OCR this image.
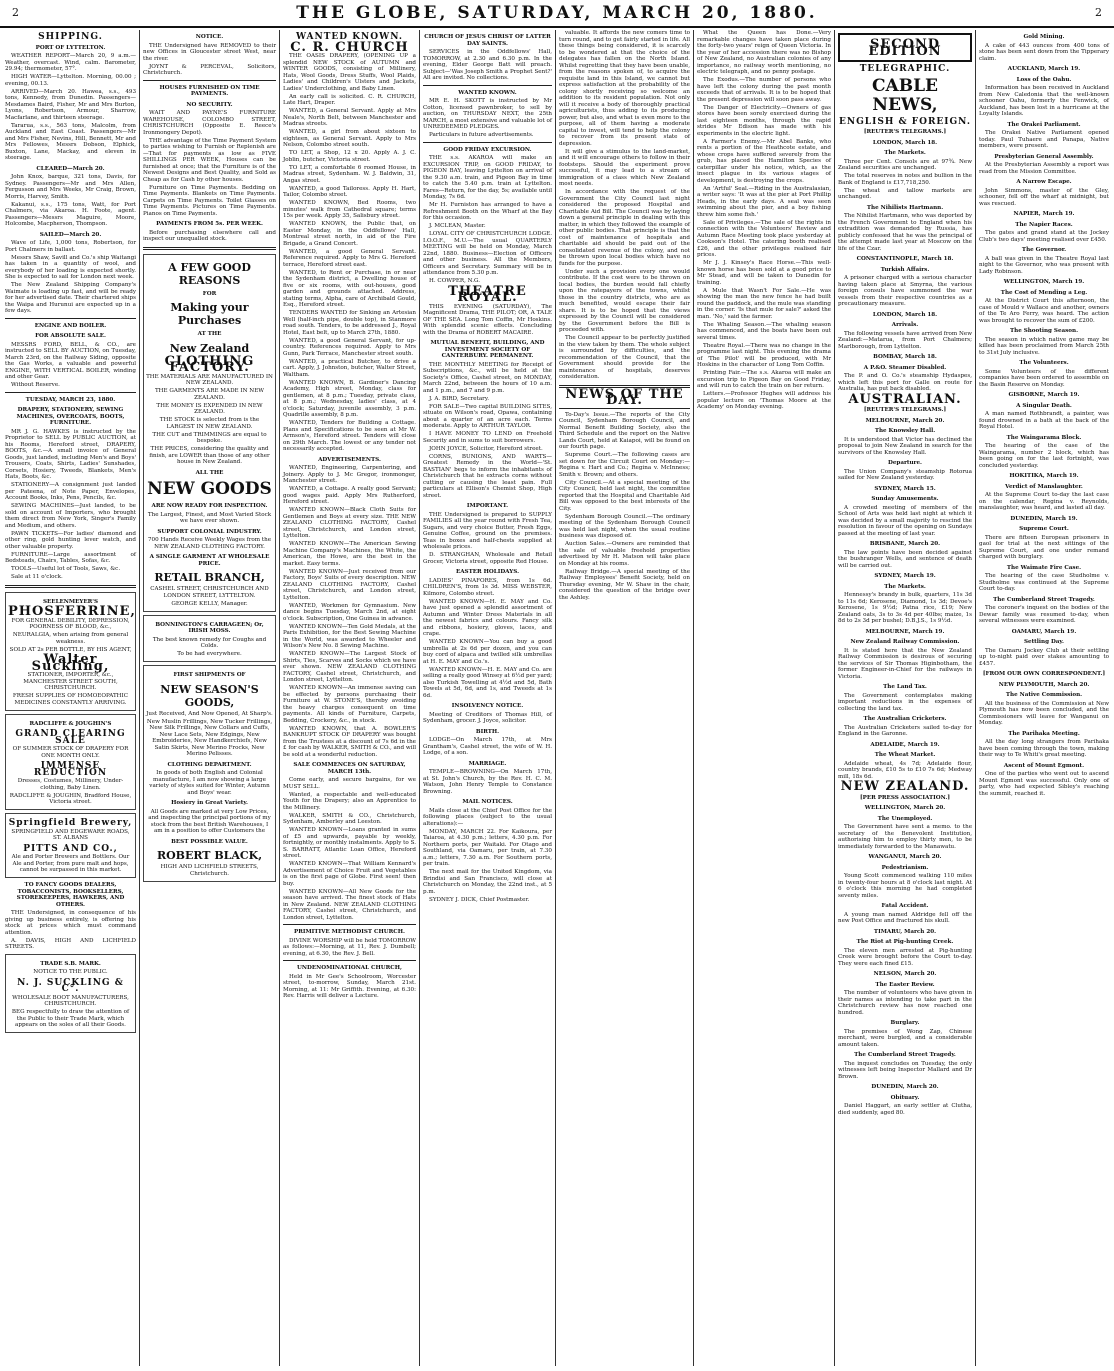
2	THE GLOBE, SATURDAY, MARCH 20, 1880.	2
SHIPPING.
PORT OF LYTTELTON.

WEATHER REPORT—March 20, 9 a.m.—Weather, overcast. Wind, calm. Barometer, 29.94; thermometer, 57°.

HIGH WATER—Lyttelton. Morning, 00.00 ; evening, 00.13.

ARRIVED—March 20. Hawea, s.s., 493 tons, Kennedy, from Dunedin. Passengers—Mesdames Baird, Fisher, Mr and Mrs Burton, Lyons, Robertson, Armour, Sharrow, Macfarlane, and thirteen steerage.

Tararua, s.s., 563 tons, Malcolm, from Auckland and East Coast. Passengers—Mr and Mrs Fisher, Nevins, Hill, Bennett, Mr and Mrs Fellowes, Messrs Dobson, Elphick, Buxton, Lane, Mackay, and eleven in steerage.

CLEARED—March 20.

John Knox, barque, 321 tons, Davis, for Sydney. Passengers—Mr and Mrs Allen, Fergusson and Mrs Weeks, Mr Craig, Brown, Morris, Harvey, Smith.

Kakanui, s.s., 175 tons, Watt, for Port Chalmers, via Akaroa. H. Foote, agent. Passengers—Messrs Maguire, Moore, Holcombe, Macpherson, Thompson.

SAILED—March 20.

Wave of Life, 1,000 tons, Robertson, for Port Chalmers in ballast.

Messrs Shaw, Savill and Co.'s ship Waitangi has taken in a quantity of wool, and everybody of her loading is expected shortly. She is expected to sail for London next week.

The New Zealand Shipping Company's Waimate is loading up fast, and will be ready for her advertised date. Their chartered ships the Waipa and Hurunui are expected up in a few days.

ENGINE AND BOILER.
FOR ABSOLUTE SALE.

MESSRS FORD, BELL, & CO., are instructed to SELL BY AUCTION, on Tuesday, March 23rd, on the Railway Siding, opposite the Gas Works, a valuable and powerful ENGINE, WITH VERTICAL BOILER, winding and other Gear.

Without Reserve.

TUESDAY, MARCH 23, 1880.
DRAPERY, STATIONERY, SEWING MACHINES, OVERCOATS, BOOTS, FURNITURE.

MR J. G. HAWKES is instructed by the Proprietor to SELL by PUBLIC AUCTION, at his Rooms, Hereford street, DRAPERY, BOOTS, &c.—A small invoice of General Goods, just landed, including Men's and Boys' Trousers, Coats, Shirts, Ladies' Sunshades, Corsets, Hosiery, Tweeds, Blankets, Men's Hats, Boots, &c.

STATIONERY—A consignment just landed per Pateena, of Note Paper, Envelopes, Account Books, Inks, Pens, Pencils, &c.

SEWING MACHINES—Just landed, to be sold on account of Importers, who brought them direct from New York, Singer's Family and Medium, and others.

PAWN TICKETS—For ladies' diamond and other ring, gold hunting lever watch, and other valuable property.

FURNITURE—Large assortment of Bedsteads, Chairs, Tables, Sofas, &c.

TOOLS—Useful lot of Tools, Saws, &c.

Sale at 11 o'clock.

SEELENMEYER'S
PHOSFERRINE,

FOR GENERAL DEBILITY, DEPRESSION, POORNESS OF BLOOD, &c.,

NEURALGIA, when arising from general weakness.

SOLD AT 2s PER BOTTLE, BY HIS AGENT,

Walter Suckling,

STATIONER, IMPORTER, &c., MANCHESTER STREET SOUTH, CHRISTCHURCH.

FRESH SUPPLIES OF HOMOEOPATHIC MEDICINES CONSTANTLY ARRIVING.

RADCLIFFE & JOUGHIN'S
GRAND CLEARING SALE

OF SUMMER STOCK OF DRAPERY FOR ONE MONTH ONLY.

IMMENSE REDUCTION

Dresses, Costumes, Millinery, Under-clothing, Baby Linen.

RADCLIFFE & JOUGHIN, Bradford House, Victoria street.

Springfield Brewery,

SPRINGFIELD AND EDGEWARE ROADS, ST. ALBANS

PITTS AND CO.,

Ale and Porter Brewers and Bottlers. Our Ale and Porter, from pure malt and hops, cannot be surpassed in this market.

TO FANCY GOODS DEALERS, TOBACCONISTS, BOOKSELLERS, STOREKEEPERS, HAWKERS, AND OTHERS.

THE Undersigned, in consequence of his giving up business entirely, is offering his stock at prices which must command attention.

A. DAVIS, HIGH AND LICHFIELD STREETS.

TRADE S.B. MARK.

NOTICE TO THE PUBLIC.

N. J. SUCKLING & C°.

WHOLESALE BOOT MANUFACTURERS, CHRISTCHURCH.

BEG respectfully to draw the attention of the Public to their Trade Mark, which appears on the soles of all their Goods.

NOTICE.

THE Undersigned have REMOVED to their new Offices in Gloucester street West, near the river.

JOYNT & PERCEVAL, Solicitors, Christchurch.

HOUSES FURNISHED ON TIME PAYMENTS.
NO SECURITY.

WAIT AND PAYNE'S FURNITURE WAREHOUSE, COLOMBO STREET, CHRISTCHURCH (Opposite E. Reece's Ironmongery Depot).

THE advantage of the Time Payment System to parties wishing to Furnish or Replenish are—That for payments as low as FIVE SHILLINGS PER WEEK, Houses can be furnished at once; that the Furniture is of the Newest Designs and Best Quality, and Sold as Cheap as for Cash by other houses.

Furniture on Time Payments. Bedding on Time Payments. Blankets on Time Payments. Carpets on Time Payments. Toilet Glasses on Time Payments. Pictures on Time Payments. Pianos on Time Payments.

PAYMENTS FROM 5s. PER WEEK.

Before purchasing elsewhere call and inspect our unequalled stock.

A FEW GOOD REASONS
FOR
Making your Purchases
AT THE
New Zealand
CLOTHING FACTORY.

THE MATERIALS ARE MANUFACTURED IN NEW ZEALAND.

THE GARMENTS ARE MADE IN NEW ZEALAND.

THE MONEY IS EXPENDED IN NEW ZEALAND.

THE STOCK is selected from is the LARGEST IN NEW ZEALAND.

THE CUT and TRIMMINGS are equal to bespoke.

THE PRICES, considering the quality and finish, are LOWER than those of any other house in New Zealand.

ALL THE
NEW GOODS
ARE NOW READY FOR INSPECTION.

The Largest, Finest, and Most Varied Stock we have ever shown.

SUPPORT COLONIAL INDUSTRY.

700 Hands Receive Weekly Wages from the NEW ZEALAND CLOTHING FACTORY.

A SINGLE GARMENT AT WHOLESALE PRICE.
RETAIL BRANCH,

CASHEL STREET, CHRISTCHURCH AND LONDON STREET, LYTTELTON.

GEORGE KELLY, Manager.

BONNINGTON'S CARRAGEEN; Or, IRISH MOSS.

The best known remedy for Coughs and Colds.

To be had everywhere.

FIRST SHIPMENTS OF
NEW SEASON'S GOODS,

Just Received, And Now Opened, At Sharp's.

New Muslin Frillings, New Tucker Frillings, New Silk Frillings, New Collars and Cuffs, New Lace Sets, New Edgings, New Embroideries, New Handkerchiefs, New Satin Skirts, New Merino Frocks, New Merino Pelisses.

CLOTHING DEPARTMENT.

In goods of both English and Colonial manufacture, I am now showing a large variety of styles suited for Winter, Autumn and Boys' wear.

Hosiery in Great Variety.

All Goods are marked at very Low Prices, and inspecting the principal portions of my stock from the best British Warehouses, I am in a position to offer Customers the

BEST POSSIBLE VALUE.
ROBERT BLACK,

HIGH AND LICHFIELD STREETS, Christchurch.

WANTED KNOWN.
C. R. CHURCH

THE OASIS DRAPERY, (OPENING UP a splendid NEW STOCK of AUTUMN and WINTER GOODS, consisting of Millinery, Hats, Wool Goods, Dress Stuffs, Wool Plaids, Ladies' and Children's Ulsters and Jackets, Ladies' Underclothing, and Baby Linen.

An early call is solicited. C. R. CHURCH, Late Hart, Draper.

WANTED, a General Servant. Apply at Mrs Neale's, North Belt, between Manchester and Madras streets.

WANTED, a girl from about sixteen to eighteen, as General Servant. Apply to Mrs Nelson, Colombo street south.

TO LET, a Shop, 12 x 20. Apply A. J. C. Joblin, butcher, Victoria street.

TO LET, a comfortable 6 roomed House, in Madras street, Sydenham. W. J. Baldwin, 31, Angas street.

WANTED, a good Tailoress. Apply H. Hart, Tailor, Colombo street.

WANTED KNOWN, Bed Rooms, two minutes' walk from Cathedral square; terms 15s per week. Apply 35, Salisbury street.

WANTED KNOWN, the Public that, on Easter Monday, in the Oddfellows' Hall, Montreal street north, in aid of the Fire Brigade, a Grand Concert.

WANTED, a good General Servant. Reference required. Apply to Mrs G. Hereford terrace, Hereford street east.

WANTED, to Rent or Purchase, in or near the Sydenham district, a Dwelling house of five or six rooms, with out-houses, good garden and grounds attached. Address, stating terms, Alpha, care of Archibald Gould, Esq., Hereford street.

TENDERS WANTED for Sinking an Artesian Well (half-inch pipe, double top), in Stanmore road south. Tenders, to be addressed J., Royal Hotel, East belt, up to March 27th, 1880.

WANTED, a good General Servant, for up-country. References required. Apply to Mrs Gunn, Park Terrace, Manchester street south.

WANTED, a practical Butcher, to drive a cart. Apply, J. Johnston, butcher, Walter Street, Waltham.

WANTED KNOWN, B. Gardiner's Dancing Academy, High street, Monday, class for gentlemen, at 8 p.m.; Tuesday, private class, at 8 p.m.; Wednesday, ladies' class, at 4 o'clock; Saturday, juvenile assembly, 3 p.m. Quadrille assembly, 8 p.m.

WANTED, Tenders for Building a Cottage. Plans and Specifications to be seen at Mr W. Armson's, Hereford street. Tenders will close on 29th March. The lowest or any tender not necessarily accepted.

ADVERTISEMENTS.

WANTED, Engineering, Carpentering, and Joinery. Apply to J. Mc Gregor, ironmonger, Manchester street.

WANTED, a Cottage. A really good Servant; good wages paid. Apply Mrs Rutherford, Hereford street.

WANTED KNOWN—Black Cloth Suits for Gentlemen and Boys at every size. THE NEW ZEALAND CLOTHING FACTORY, Cashel street, Christchurch, and London street, Lyttelton.

WANTED KNOWN—The American Sewing Machine Company's Machines, the White, the American, the Howe, are the best in the market. Easy terms.

WANTED KNOWN—Just received from our Factory, Boys' Suits of every description. NEW ZEALAND CLOTHING FACTORY, Cashel street, Christchurch, and London street, Lyttelton.

WANTED, Workmen for Gymnasium. New dance begins Tuesday, March 2nd, at eight o'clock. Subscription, One Guinea in advance.

WANTED KNOWN—Ten Gold Medals, at the Paris Exhibition, for the Best Sewing Machine in the World, was awarded to Wheeler and Wilson's New No. 8 Sewing Machine.

WANTED KNOWN—The Largest Stock of Shirts, Ties, Scarves and Socks which we have ever shown. NEW ZEALAND CLOTHING FACTORY, Cashel street, Christchurch, and London street, Lyttelton.

WANTED KNOWN—An immense saving can be effected by persons purchasing their Furniture at W. STONE'S, thereby avoiding the heavy charges consequent on time payments. All kinds of Furniture, Carpets, Bedding, Crockery, &c., in stock.

WANTED KNOWN, that A. BOWLER'S BANKRUPT STOCK OF DRAPERY was bought from the Trustees at a discount of 7s 6d in the £ for cash by WALKER, SMITH & CO., and will be sold at a wonderful reduction.

SALE COMMENCES ON SATURDAY, MARCH 13th.

Come early, and secure bargains, for we MUST SELL.

Wanted, a respectable and well-educated Youth for the Drapery; also an Apprentice to the Millinery.

WALKER, SMITH & CO., Christchurch, Sydenham, Amberley and Leeston.

WANTED KNOWN—Loans granted in sums of £5 and upwards, payable by weekly, fortnightly, or monthly instalments. Apply to S. S. BARRATT, Atlantic Loan Office, Hereford street.

WANTED KNOWN—That William Kennard's Advertisement of Choice Fruit and Vegetables is on the first page of Globe. First seen! then buy.

WANTED KNOWN—All New Goods for the season have arrived. The finest stock of Hats in New Zealand. NEW ZEALAND CLOTHING FACTORY, Cashel street, Christchurch, and London street, Lyttelton.

PRIMITIVE METHODIST CHURCH.

DIVINE WORSHIP will be held TOMORROW as follows:—Morning, at 11, Rev. J. Dumbell; evening, at 6.30, the Rev. J. Bell.

UNDENOMINATIONAL CHURCH,

Held in Mr Gee's Schoolroom, Worcester street, to-morrow, Sunday, March 21st. Morning, at 11: Mr Griffith. Evening, at 6.30: Rev. Harris will deliver a Lecture.

CHURCH OF JESUS CHRIST OF LATTER DAY SAINTS.

SERVICES in the Oddfellows' Hall, TOMORROW, at 2.30 and 6.30 p.m. In the evening, Elder George Batt will preach. Subject—'Was Joseph Smith a Prophet Sent?' All are invited. No collections.

WANTED KNOWN.

MR E. H. SKOTT is instructed by Mr Cotton, licensed pawnbroker, to sell by auction, on THURSDAY NEXT, the 25th MARCH, a most extensive and valuable lot of UNREDEEMED PLEDGES.

Particulars in future advertisements.

GOOD FRIDAY EXCURSION.

THE s.s. AKAROA will make an EXCURSION TRIP, on GOOD FRIDAY, to PIGEON BAY, leaving Lyttelton on arrival of the 9.30 a.m. train, and Pigeon Bay in time to catch the 5.40 p.m. train at Lyttelton. Fares—Return, for the day, 5s; available until Monday, 7s 6d.

Mr H. Furniston has arranged to have a Refreshment Booth on the Wharf at the Bay for this occasion.

J. MCLEAN, Master.

LOYAL CITY OF CHRISTCHURCH LODGE. I.O.O.F., M.U.—The usual QUARTERLY MEETING will be held on Monday, March 22nd, 1880. Business—Election of Officers and other business. All the Members, Officers and Secretary. Summary will be in attendance from 5.30 p.m.

H. COWPER, N.G.

THEATRE ROYAL.

THIS EVENING (SATURDAY), The Magnificent Drama, THE PILOT; OR, A TALE OF THE SEA. Long Tom Coffin, Mr Hoskins. With splendid scenic effects. Concluding with the Drama of ROBERT MACAIRE.

MUTUAL BENEFIT, BUILDING, AND INVESTMENT SOCIETY OF CANTERBURY. PERMANENT.

THE MONTHLY MEETING for Receipt of Subscriptions, &c., will be held at the Society's Office, Cashel street, on MONDAY, March 22nd, between the hours of 10 a.m. and 1 p.m., and 7 and 9 p.m.

J. A. BIRD, Secretary.

FOR SALE—Two capital BUILDING SITES, situate on Wilson's road, Opawa, containing about a quarter of an acre each. Terms moderate. Apply to ARTHUR TAYLOR.

I HAVE MONEY TO LEND on Freehold Security and in sums to suit borrowers.

JOHN JOYCE, Solicitor, Hereford street.

CORNS, BUNIONS, AND WARTS—Greatest Remedy in the World—'St. BASTIAN' begs to inform the inhabitants of Christchurch that he extracts corns without cutting or causing the least pain. Full particulars at Ellison's Chemist Shop, High street.

IMPORTANT.

THE Undersigned is prepared to SUPPLY FAMILIES all the year round with Fresh Tea, Sugars, and very choice Butter, Fresh Eggs, Genuine Coffee, ground on the premises. Teas in boxes and half-chests supplied at wholesale prices.

D. STRANGHAN, Wholesale and Retail Grocer, Victoria street, opposite Red House.

EASTER HOLIDAYS.

LADIES' PINAFORES, from 1s 6d. CHILDREN'S, from 1s 3d. MISS WEBSTER, Kilmore, Colombo street.

WANTED KNOWN—H. E. MAY and Co. have just opened a splendid assortment of Autumn and Winter Dress Materials in all the newest fabrics and colours. Fancy silk and ribbons, hosiery, gloves, laces, and crape.

WANTED KNOWN—You can buy a good umbrella at 2s 6d per dozen, and you can buy cord of alpaca and twilled silk umbrellas at H. E. MAY and Co.'s.

WANTED KNOWN—H. E. MAY and Co. are selling a really good Winsey at 6½d per yard; also Turkish Towelling at 4½d and 5d, Bath Towels at 5d, 6d, and 1s, and Tweeds at 1s 6d.

INSOLVENCY NOTICE.

Meeting of Creditors of Thomas Hill, of Sydenham, grocer. J. Joyce, solicitor.

BIRTH.

LODGE—On March 17th, at Mrs Grantham's, Cashel street, the wife of W. H. Lodge, of a son.

MARRIAGE.

TEMPLE—BROWNING—On March 17th, at St. John's Church, by the Rev. H. C. M. Watson, John Henry Temple to Constance Browning.

MAIL NOTICES.

Mails close at the Chief Post Office for the following places (subject to the usual alterations):—

MONDAY, MARCH 22. For Kaikoura, per Taiaroa, at 4.30 p.m.; letters, 4.30 p.m. For Northern ports, per Waitaki. For Otago and Southland, via Oamaru, per train, at 7.30 a.m.; letters, 7.30 a.m. For Southern ports, per train.

The next mail for the United Kingdom, via Brindisi and San Francisco, will close at Christchurch on Monday, the 22nd inst., at 5 p.m.

SYDNEY J. DICK, Chief Postmaster.

valuable. It affords the new comers time to turn round, and to get fairly started in life. All these things being considered, it is scarcely to be wondered at that the choice of the delegates has fallen on the North Island. Whilst regretting that they have been unable, from the reasons spoken of, to acquire the requisite land in this Island, we cannot but express satisfaction at the probability of the colony shortly receiving so welcome an addition to its resident population. Not only will it receive a body of thoroughly practical agriculturists, thus adding to its producing power, but also, and what is even more to the purpose, all of them having a moderate capital to invest, will tend to help the colony to recover from its present state of depression.

It will give a stimulus to the land-market, and it will encourage others to follow in their footsteps. Should the experiment prove successful, it may lead to a stream of immigration of a class which New Zealand most needs.

In accordance with the request of the Government the City Council last night considered the proposed Hospital and Charitable Aid Bill. The Council was by laying down a general principle in dealing with this matter, in which they followed the example of other public bodies. That principle is that the cost of maintenance of hospitals and charitable aid should be paid out of the consolidated revenue of the colony, and not be thrown upon local bodies which have no funds for the purpose.

Under such a provision every one would contribute. If the cost were to be thrown on local bodies, the burden would fall chiefly upon the ratepayers of the towns, whilst those in the country districts, who are as much benefited, would escape their fair share. It is to be hoped that the views expressed by the Council will be considered by the Government before the Bill is proceeded with.

The Council appear to be perfectly justified in the view taken by them. The whole subject is surrounded by difficulties, and the recommendation of the Council, that the Government should provide for the maintenance of hospitals, deserves consideration.

NEWS OF THE DAY.

To-Day's Issue.—The reports of the City Council, Sydenham Borough Council, and Normal Benefit Building Society, also the Third Schedule and the report on the Native Lands Court, held at Kaiapoi, will be found on our fourth page.

Supreme Court.—The following cases are set down for the Circuit Court on Monday:—Regina v. Hart and Co.; Regina v. McInness; Smith v. Brown; and others.

City Council.—At a special meeting of the City Council, held last night, the committee reported that the Hospital and Charitable Aid Bill was opposed to the best interests of the City.

Sydenham Borough Council.—The ordinary meeting of the Sydenham Borough Council was held last night, when the usual routine business was disposed of.

Auction Sales.—Owners are reminded that the sale of valuable freehold properties advertised by Mr H. Matson will take place on Monday at his rooms.

Railway Bridge.—A special meeting of the Railway Employees' Benefit Society, held on Thursday evening, Mr W. Shaw in the chair, considered the question of the bridge over the Ashley.

What the Queen has Done.—Very remarkable changes have taken place during the forty-two years' reign of Queen Victoria. In the year of her accession there was no Bishop of New Zealand, no Australian colonies of any importance, no railway worth mentioning, no electric telegraph, and no penny postage.

The Exodus.—The number of persons who have left the colony during the past month exceeds that of arrivals. It is to be hoped that the present depression will soon pass away.

The Danger of Electricity.—Owners of gas stores have been sorely exercised during the last eighteen months, through the rapid strides Mr Edison has made with his experiments in the electric light.

A Farmer's Enemy.—Mr Abel Banks, who rents a portion of the Heathcote estate, and whose crops have suffered severely from the grub, has placed the Hamilton Species of caterpillar under his notice, which, as the insect plague in its various stages of development, is destroying the crops.

An 'Artful' Seal.—Riding in the Australasian, a writer says: 'It was at the pier at Port Phillip Heads, in the early days. A seal was seen swimming about the pier, and a boy fishing threw him some fish.'

Sale of Privileges.—The sale of the rights in connection with the Volunteers' Review and Autumn Race Meeting took place yesterday at Cookson's Hotel. The catering booth realised £26, and the other privileges realised fair prices.

Mr J. J. Kinsey's Race Horse.—This well-known horse has been sold at a good price to Mr Stead, and will be taken to Dunedin for training.

A Mule that Wasn't For Sale.—He was showing the man the new fence he had built round the paddock, and the mule was standing in the corner. 'Is that mule for sale?' asked the man. 'No,' said the farmer.

The Whaling Season.—The whaling season has commenced, and the boats have been out several times.

Theatre Royal.—There was no change in the programme last night. This evening the drama of 'The Pilot' will be produced, with Mr Hoskins in the character of Long Tom Coffin.

Printing Fair.—The s.s. Akaroa will make an excursion trip to Pigeon Bay on Good Friday, and will run to catch the train on her return.

Letters.—Professor Hughes will address his popular lecture on 'Thomas Moore at the Academy' on Monday evening.

SECOND EDITION
TELEGRAPHIC.
CABLE NEWS,
ENGLISH & FOREIGN.
[REUTER'S TELEGRAMS.]
LONDON, March 18.
The Markets.

Three per Cent. Consols are at 97¾. New Zealand securities are unchanged.

The total reserves in notes and bullion in the Bank of England is £17,718,250.

The wheat and tallow markets are unchanged.

The Nihilists Hartmann.

The Nihilist Hartmann, who was deported by the French Government to England when his extradition was demanded by Russia, has publicly confessed that he was the principal of the attempt made last year at Moscow on the life of the Czar.

CONSTANTINOPLE, March 18.
Turkish Affairs.

A prisoner charged with a serious character having taken place at Smyrna, the various foreign consuls have summoned the war vessels from their respective countries as a precautionary measure.

LONDON, March 18.
Arrivals.

The following vessels have arrived from New Zealand:—Matarua, from Port Chalmers; Marlborough, from Lyttelton.

BOMBAY, March 18.
A P.&O. Steamer Disabled.

The P. and O. Co.'s steamship Hydaspes, which left this port for Galle on route for Australia, has put back disabled.

AUSTRALIAN.
[REUTER'S TELEGRAMS.]
MELBOURNE, March 20.
The Knowsley Hall.

It is understood that Victor has declined the proposal to join New Zealand in search for the survivors of the Knowsley Hall.

Departure.

The Union Company's steamship Rotorua sailed for New Zealand yesterday.

SYDNEY, March 15.
Sunday Amusements.

A crowded meeting of members of the School of Arts was held last night at which it was decided by a small majority to rescind the resolution in favour of the opening on Sundays passed at the meeting of last year.

BRISBANE, March 20.

The law points have been decided against the bushranger Wells, and sentence of death will be carried out.

SYDNEY, March 19.
The Markets.

Hennessy's brandy in bulk, quarters, 11s 3d to 11s 6d; Kerosene, Diamond, 1s 3d; Devoe's Kerosene, 1s 9½d; Patna rice, £19; New Zealand oats, 3s to 3s 4d per 40lbs; maize, 1s 8d to 2s 3d per bushel; D.B.J.S., 1s 9½d.

MELBOURNE, March 19.
New Zealand Railway Commission.

It is stated here that the New Zealand Railway Commission is desirous of securing the services of Sir Thomas Higinbotham, the former Engineer-in-Chief for the railways in Victoria.

The Land Tax.

The Government contemplates making important reductions in the expenses of collecting the land tax.

The Australian Cricketers.

The Australian Cricketers sailed to-day for England in the Garonne.

ADELAIDE, March 19.
The Wheat Market.

Adelaide wheat, 4s 7d; Adelaide flour, country brands, £10 5s to £10 7s 6d; Medway mill, 18s 6d.

NEW ZEALAND.
[PER PRESS ASSOCIATION.]
WELLINGTON, March 20.
The Unemployed.

The Government have sent a memo. to the secretary of the Benevolent Institution, authorising him to employ thirty men, to be immediately forwarded to the Manawatu.

WANGANUI, March 20.
Pedestrianism.

Young Scott commenced walking 110 miles in twenty-four hours at 8 o'clock last night. At 6 o'clock this morning he had completed seventy miles.

Fatal Accident.

A young man named Aldridge fell off the new Post Office and fractured his skull.

TIMARU, March 20.
The Riot at Pig-hunting Creek.

The eleven men arrested at Pig-hunting Creek were brought before the Court to-day. They were each fined £15.

NELSON, March 20.
The Easter Review.

The number of volunteers who have given in their names as intending to take part in the Christchurch review has now reached one hundred.

Burglary.

The premises of Wong Zap, Chinese merchant, were burgled, and a considerable amount taken.

The Cumberland Street Tragedy.

The inquest concludes on Tuesday, the only witnesses left being Inspector Mallard and Dr Brown.

DUNEDIN, March 20.
Obituary.

Daniel Haggart, an early settler at Clutha, died suddenly, aged 80.

Gold Mining.

A cake of 443 ounces from 400 tons of stone has been sent down from the Tipperary claim.

AUCKLAND, March 19.
Loss of the Oahu.

Information has been received in Auckland from New Caledonia that the well-known schooner Oahu, formerly the Fenwick, of Auckland, has been lost in a hurricane at the Loyalty Islands.

The Orakei Parliament.

The Orakei Native Parliament opened today. Paul Tuhaere and Panapa, Native members, were present.

Presbyterian General Assembly.

At the Presbyterian Assembly a report was read from the Mission Committee.

A Narrow Escape.

John Simmons, master of the Gley, schooner, fell off the wharf at midnight, but was rescued.

NAPIER, March 19.
The Napier Races.

The gates and grand stand at the Jockey Club's two days' meeting realised over £450.

The Governor.

A ball was given in the Theatre Royal last night to the Governor, who was present with Lady Robinson.

WELLINGTON, March 19.
The Cost of Mending a Leg.

At the District Court this afternoon, the case of Mould v Wallace and another, owners of the Te Aro Ferry, was heard. The action was brought to recover the sum of £200.

The Shooting Season.

The season in which native game may be killed has been proclaimed from March 25th to 31st July inclusive.

The Volunteers.

Some Volunteers of the different companies have been ordered to assemble on the Basin Reserve on Monday.

GISBORNE, March 19.
A Singular Death.

A man named Rothbrandt, a painter, was found drowned in a bath at the back of the Royal Hotel.

The Waingarama Block.

The hearing of the case of the Waingarama, number 2 block, which has been going on for the last fortnight, was concluded yesterday.

HOKITIKA, March 19.
Verdict of Manslaughter.

At the Supreme Court to-day the last case on the calendar, Regina v. Reynolds, manslaughter, was heard, and lasted all day.

DUNEDIN, March 19.
Supreme Court.

There are fifteen European prisoners in gaol for trial at the next sittings of the Supreme Court, and one under remand charged with burglary.

The Waimate Fire Case.

The hearing of the case Studholme v. Studholme was continued at the Supreme Court to-day.

The Cumberland Street Tragedy.

The coroner's inquest on the bodies of the Dewar family was resumed to-day, when several witnesses were examined.

OAMARU, March 19.
Settling Day.

The Oamaru Jockey Club at their settling up to-night paid over stakes amounting to £457.

[FROM OUR OWN CORRESPONDENT.]
NEW PLYMOUTH, March 20.
The Native Commission.

All the business of the Commission at New Plymouth has now been concluded, and the Commissioners will leave for Wanganui on Monday.

The Parihaka Meeting.

All the day long strangers from Parihaka have been coming through the town, making their way to Te Whiti's great meeting.

Ascent of Mount Egmont.

One of the parties who went out to ascend Mount Egmont was successful. Only one of party, who had expected Sibley's reaching the summit, reached it.
